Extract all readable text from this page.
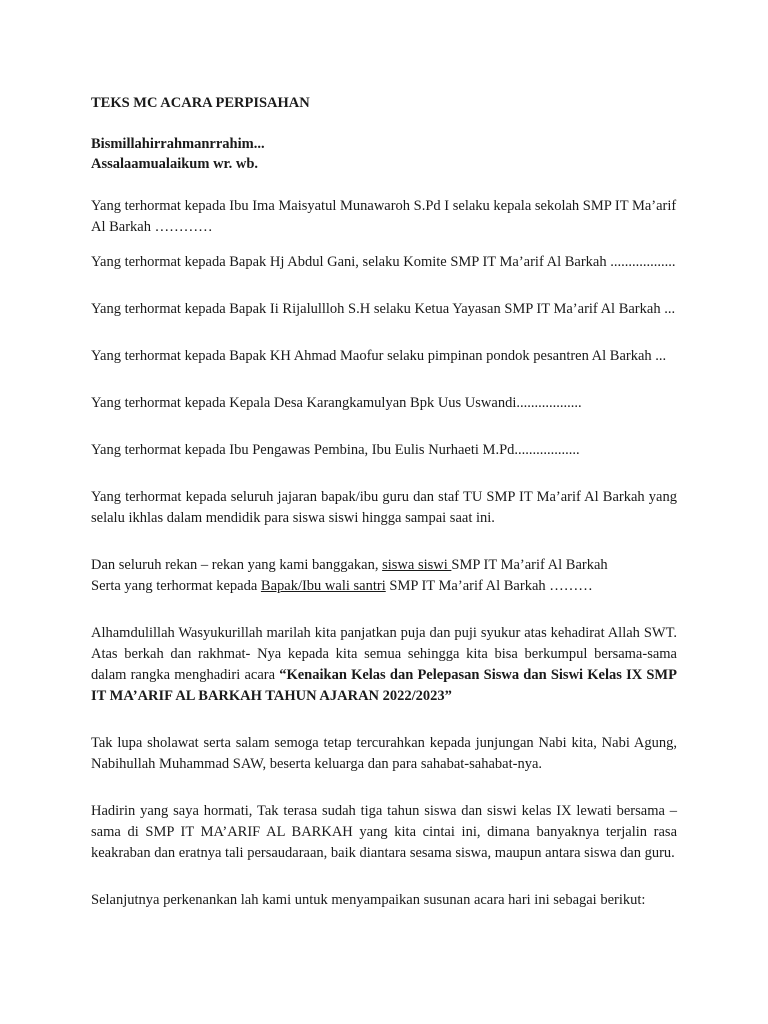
TEKS MC ACARA PERPISAHAN
Bismillahirrahmanrrahim...
Assalaamualaikum wr. wb.

Yang terhormat kepada Ibu Ima Maisyatul Munawaroh S.Pd I selaku kepala sekolah SMP IT Ma’arif Al Barkah …………

Yang terhormat kepada Bapak Hj Abdul Gani, selaku Komite SMP IT Ma’arif Al Barkah ..................

Yang terhormat kepada Bapak Ii Rijalullloh S.H selaku Ketua Yayasan SMP IT Ma’arif Al Barkah ...

Yang terhormat kepada Bapak KH Ahmad Maofur selaku pimpinan pondok pesantren Al Barkah ...

Yang terhormat kepada Kepala Desa Karangkamulyan Bpk Uus Uswandi..................

Yang terhormat kepada Ibu Pengawas Pembina, Ibu Eulis Nurhaeti M.Pd..................

Yang terhormat kepada seluruh jajaran bapak/ibu guru dan staf TU SMP IT Ma’arif Al Barkah yang selalu ikhlas dalam mendidik para siswa siswi hingga sampai saat ini.

Dan seluruh rekan – rekan yang kami banggakan, siswa siswi SMP IT Ma’arif Al Barkah
Serta yang terhormat kepada Bapak/Ibu wali santri SMP IT Ma’arif Al Barkah ………

Alhamdulillah Wasyukurillah marilah kita panjatkan puja dan puji syukur atas kehadirat Allah SWT. Atas berkah dan rakhmat- Nya kepada kita semua sehingga kita bisa berkumpul bersama-sama dalam rangka menghadiri acara “Kenaikan Kelas dan Pelepasan Siswa dan Siswi Kelas IX SMP IT MA’ARIF AL BARKAH TAHUN AJARAN 2022/2023”

Tak lupa sholawat serta salam semoga tetap tercurahkan kepada junjungan Nabi kita, Nabi Agung, Nabihullah Muhammad SAW, beserta keluarga dan para sahabat-sahabat-nya.

Hadirin yang saya hormati, Tak terasa sudah tiga tahun siswa dan siswi kelas IX lewati bersama – sama di SMP IT MA’ARIF AL BARKAH yang kita cintai ini, dimana banyaknya terjalin rasa keakraban dan eratnya tali persaudaraan, baik diantara sesama siswa, maupun antara siswa dan guru.

Selanjutnya perkenankan lah kami untuk menyampaikan susunan acara hari ini sebagai berikut:
